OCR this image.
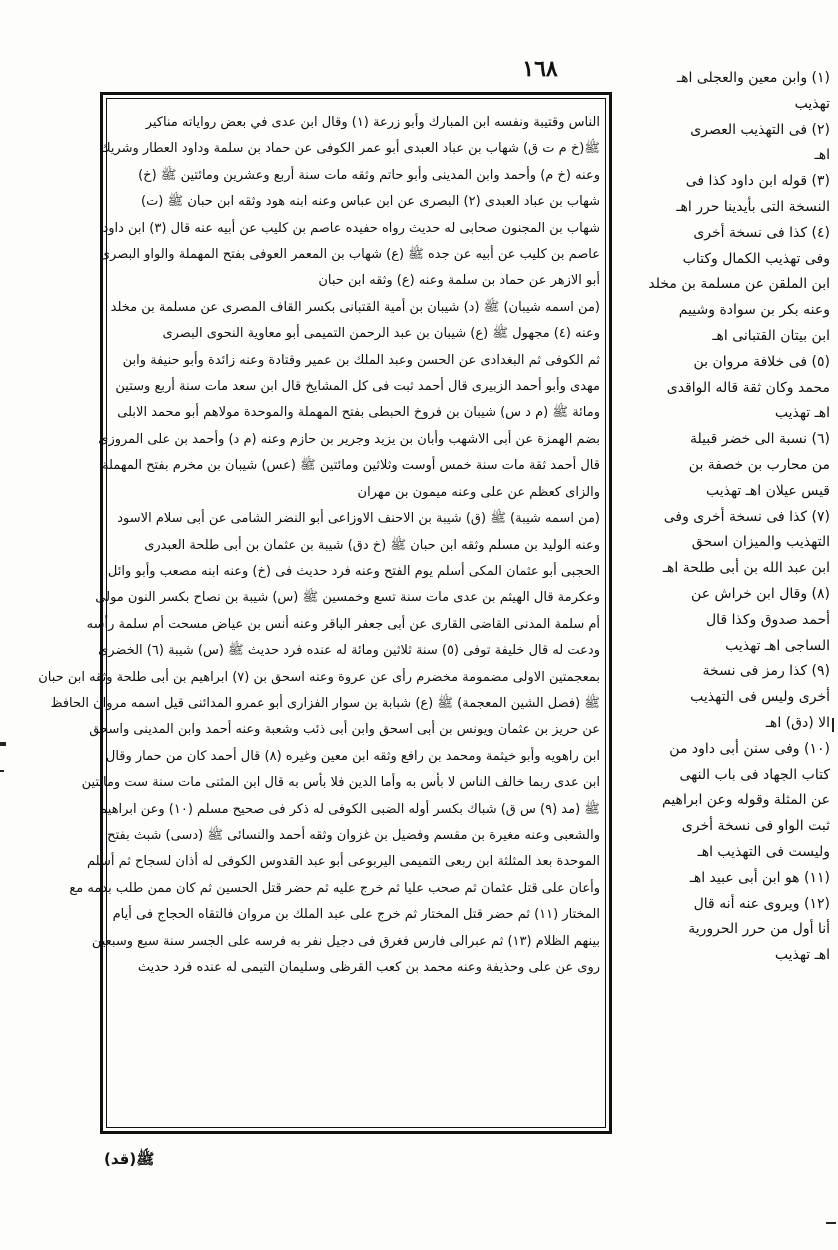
١٦٨
الناس وقتيبة ونفسه ابن المبارك وأبو زرعة (١) وقال ابن عدى في بعض رواياته مناكير
ﷺ(خ م ت ق) شهاب بن عباد العبدى أبو عمر الكوفى عن حماد بن سلمة وداود العطار وشريك
وعنه (خ م) وأحمد وابن المدينى وأبو حاتم وثقه مات سنة أربع وعشرين ومائتين ﷺ (خ)
شهاب بن عباد العبدى (٢) البصرى عن ابن عباس وعنه ابنه هود وثقه ابن حبان ﷺ (ت)
شهاب بن المجنون صحابى له حديث رواه حفيده عاصم بن كليب عن أبيه عنه قال (٣) ابن داود
عاصم بن كليب عن أبيه عن جده ﷺ (ع) شهاب بن المعمر العوفى بفتح المهملة والواو البصرى
أبو الازهر عن حماد بن سلمة وعنه (ع) وثقه ابن حبان
(من اسمه شيبان) ﷺ (د) شيبان بن أمية القتبانى بكسر القاف المصرى عن مسلمة بن مخلد
وعنه (٤) مجهول ﷺ (ع) شيبان بن عبد الرحمن التميمى أبو معاوية النحوى البصرى
ثم الكوفى ثم البغدادى عن الحسن وعبد الملك بن عمير وقتادة وعنه زائدة وأبو حنيفة وابن
مهدى وأبو أحمد الزبيرى قال أحمد ثبت فى كل المشايخ قال ابن سعد مات سنة أربع وستين
ومائة ﷺ (م د س) شيبان بن فروخ الحبطى بفتح المهملة والموحدة مولاهم أبو محمد الابلى
بضم الهمزة عن أبى الاشهب وأبان بن يزيد وجرير بن حازم وعنه (م د) وأحمد بن على المروزى
قال أحمد ثقة مات سنة خمس أوست وثلاثين ومائتين ﷺ (عس) شيبان بن مخرم بفتح المهملة
والزاى كعظم عن على وعنه ميمون بن مهران
(من اسمه شيبة) ﷺ (ق) شيبة بن الاحنف الاوزاعى أبو النضر الشامى عن أبى سلام الاسود
وعنه الوليد بن مسلم وثقه ابن حبان ﷺ (خ دق) شيبة بن عثمان بن أبى طلحة العبدرى
الحجبى أبو عثمان المكى أسلم يوم الفتح وعنه فرد حديث فى (خ) وعنه ابنه مصعب وأبو وائل
وعكرمة قال الهيثم بن عدى مات سنة تسع وخمسين ﷺ (س) شيبة بن نصاح بكسر النون مولى
أم سلمة المدنى القاضى القارى عن أبى جعفر الباقر وعنه أنس بن عياض مسحت أم سلمة رأسه
ودعت له قال خليفة توفى (٥) سنة ثلاثين ومائة له عنده فرد حديث ﷺ (س) شيبة (٦) الخضرى
بمعجمتين الاولى مضمومة مخضرم رأى عن عروة وعنه اسحق بن (٧) ابراهيم بن أبى طلحة وثقه ابن حبان
ﷺ (فصل الشين المعجمة) ﷺ (ع) شبابة بن سوار الفزارى أبو عمرو المدائنى قيل اسمه مروان الحافظ
عن حريز بن عثمان ويونس بن أبى اسحق وابن أبى ذئب وشعبة وعنه أحمد وابن المدينى واسحق
ابن راهويه وأبو خيثمة ومحمد بن رافع وثقه ابن معين وغيره (٨) قال أحمد كان من حمار وقال
ابن عدى ربما خالف الناس لا بأس به وأما الدين فلا بأس به قال ابن المثنى مات سنة ست ومائتين
ﷺ (مد (٩) س ق) شباك بكسر أوله الضبى الكوفى له ذكر فى صحيح مسلم (١٠) وعن ابراهيم
والشعبى وعنه مغيرة بن مقسم وفضيل بن غزوان وثقه أحمد والنسائى ﷺ (دسى) شبث بفتح
الموحدة بعد المثلثة ابن ربعى التميمى اليربوعى أبو عبد القدوس الكوفى له أذان لسجاح ثم أسلم
وأعان على قتل عثمان ثم صحب عليا ثم خرج عليه ثم حضر قتل الحسين ثم كان ممن طلب بدمه مع
المختار (١١) ثم حضر قتل المختار ثم خرج على عبد الملك بن مروان فالتقاه الحجاج فى أيام
بينهم الظلام (١٣) ثم عبرالى فارس فغرق فى دجيل نفر به فرسه على الجسر سنة سبع وسبعين
روى عن على وحذيفة وعنه محمد بن كعب القرظى وسليمان التيمى له عنده فرد حديث
(١) وابن معين والعجلى اهـ
تهذيب
(٢) فى التهذيب العصرى
اهـ
(٣) قوله ابن داود كذا فى
النسخة التى بأيدينا حرر اهـ
(٤) كذا فى نسخة أخرى
وفى تهذيب الكمال وكتاب
ابن الملقن عن مسلمة بن مخلد
وعنه بكر بن سوادة وشييم
ابن بيتان القتبانى اهـ
(٥) فى خلافة مروان بن
محمد وكان ثقة قاله الواقدى
اهـ تهذيب
(٦) نسبة الى خضر قبيلة
من محارب بن خصفة بن
قيس عيلان اهـ تهذيب
(٧) كذا فى نسخة أخرى وفى
التهذيب والميزان اسحق
ابن عبد الله بن أبى طلحة اهـ
(٨) وقال ابن خراش عن
أحمد صدوق وكذا قال
الساجى اهـ تهذيب
(٩) كذا رمز فى نسخة
أخرى وليس فى التهذيب
الا (دق) اهـ
(١٠) وفى سنن أبى داود من
كتاب الجهاد فى باب النهى
عن المثلة وقوله وعن ابراهيم
ثبت الواو فى نسخة أخرى
وليست فى التهذيب اهـ
(١١) هو ابن أبى عبيد اهـ
(١٢) ويروى عنه أنه قال
أنا أول من حرر الحرورية
اهـ تهذيب
ﷺ(قد)
